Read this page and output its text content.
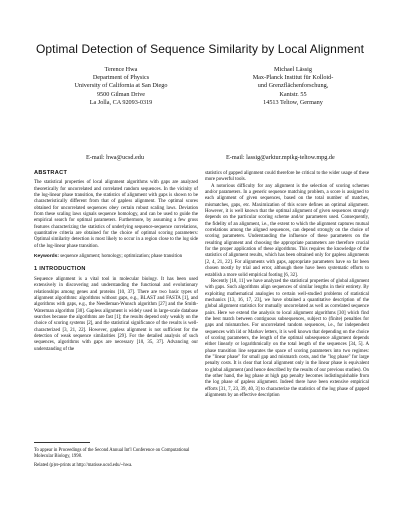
Optimal Detection of Sequence Similarity by Local Alignment
Terence Hwa
Department of Physics
University of California at San Diego
9500 Gilman Drive
La Jolla, CA 92093-0319
Michael Lässig
Max-Planck Institut für Kolloid-
und Grenzflächenforschung,
Kantstr. 55
14513 Teltow, Germany
E-mail: hwa@ucsd.edu	E-mail: lassig@arktur.mpikg-teltow.mpg.de
ABSTRACT

The statistical properties of local alignment algorithms with gaps are analyzed theoretically for uncorrelated and correlated random sequences. In the vicinity of the log-linear phase transition, the statistics of alignment with gaps is shown to be characteristically different from that of gapless alignment. The optimal scores obtained for uncorrelated sequences obey certain robust scaling laws. Deviation from these scaling laws signals sequence homology, and can be used to guide the empirical search for optimal parameters. Furthermore, by assuming a few gross features characterizing the statistics of underlying sequence-sequence correlations, quantitative criteria are obtained for the choice of optimal scoring parameters: Optimal similarity detection is most likely to occur in a region close to the log side of the log-linear phase transition.

Keywords: sequence alignment; homology; optimization; phase transition

1 INTRODUCTION

Sequence alignment is a vital tool in molecular biology. It has been used extensively in discovering and understanding the functional and evolutionary relationships among genes and proteins [10, 37]. There are two basic types of alignment algorithms: algorithms without gaps, e.g., BLAST and FASTA [1], and algorithms with gaps, e.g., the Needleman-Wunsch algorithm [27] and the Smith-Waterman algorithm [30]. Gapless alignment is widely used in large-scale database searches because the algorithms are fast [1]; the results depend only weakly on the choice of scoring systems [2], and the statistical significance of the results is well-characterized [3, 21, 22]. However, gapless alignment is not sufficient for the detection of weak sequence similarities [29]. For the detailed analysis of such sequences, algorithms with gaps are necessary [10, 35, 37]. Advancing our understanding of the

To appear in Proceedings of the Second Annual Int'l Conference on Computational Molecular Biology, 1998.

Related (p)re-prints at http://matisse.ucsd.edu/~hwa.

statistics of gapped alignment could therefore be critical to the wider usage of these more powerful tools.

A notorious difficulty for any alignment is the selection of scoring schemes and/or parameters. In a generic sequence matching problem, a score is assigned to each alignment of given sequences, based on the total number of matches, mismatches, gaps, etc. Maximization of this score defines an optimal alignment. However, it is well known that the optimal alignment of given sequences strongly depends on the particular scoring scheme and/or parameters used. Consequently, the fidelity of an alignment, i.e., the extent to which the alignment captures mutual correlations among the aligned sequences, can depend strongly on the choice of scoring parameters. Understanding the influence of these parameters on the resulting alignment and choosing the appropriate parameters are therefore crucial for the proper application of these algorithms. This requires the knowledge of the statistics of alignment results, which has been obtained only for gapless alignments [2, 4, 21, 22]. For alignments with gaps, appropriate parameters have so far been chosen mostly by trial and error, although there have been systematic efforts to establish a more solid empirical footing [6, 32].

Recently [18, 11] we have analyzed the statistical properties of global alignment with gaps. Such algorithms align sequences of similar lengths in their entirety. By exploiting mathematical analogies to certain well-studied problems of statistical mechanics [13, 16, 17, 23], we have obtained a quantitative description of the global alignment statistics for mutually uncorrelated as well as correlated sequence pairs. Here we extend the analysis to local alignment algorithms [30] which find the best match between contiguous subsequences, subject to (finite) penalties for gaps and mismatches. For uncorrelated random sequences, i.e., for independent sequences with iid or Markov letters, it is well known that depending on the choice of scoring parameters, the length of the optimal subsequence alignment depends either linearly or logarithmically on the total length of the sequences [34, 5]. A phase transition line separates the space of scoring parameters into two regimes: the "linear phase" for small gap and mismatch costs, and the "log phase" for large penalty costs. It is clear that local alignment only in the linear phase is equivalent to global alignment (and hence described by the results of our previous studies). On the other hand, the log phase at high gap penalty becomes indistinguishable from the log phase of gapless alignment. Indeed there have been extensive empirical efforts [31, 7, 23, 39, 40, 3] to characterize the statistics of the log phase of gapped alignments by an effective description
